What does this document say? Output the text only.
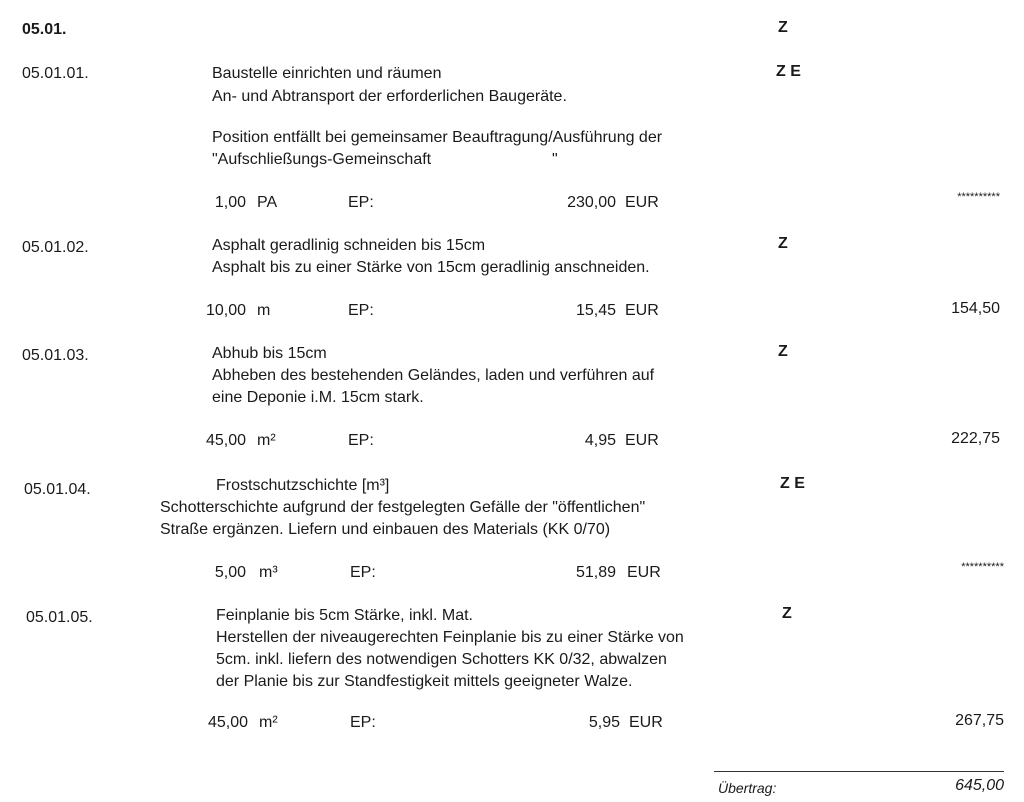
05.01.	Z
05.01.01.	Baustelle einrichten und räumen
An- und Abtransport der erforderlichen Baugeräte.
Position entfällt bei gemeinsamer Beauftragung/Ausführung der
"Aufschließungs-Gemeinschaft	"
Z E
1,00 PA	EP:	230,00 EUR	**********
05.01.02.	Asphalt geradlinig schneiden bis 15cm
Asphalt bis zu einer Stärke von 15cm geradlinig anschneiden.
Z
10,00 m	EP:	15,45 EUR	154,50
05.01.03.	Abhub bis 15cm
Abheben des bestehenden Geländes, laden und verführen auf
eine Deponie i.M. 15cm stark.
Z
45,00 m²	EP:	4,95 EUR	222,75
05.01.04.	Frostschutzschichte [m³]
Schotterschichte aufgrund der festgelegten Gefälle der "öffentlichen"
Straße ergänzen. Liefern und einbauen des Materials (KK 0/70)
Z E
5,00 m³	EP:	51,89 EUR	**********
05.01.05.	Feinplanie bis 5cm Stärke, inkl. Mat.
Herstellen der niveaugerechten Feinplanie bis zu einer Stärke von
5cm. inkl. liefern des notwendigen Schotters KK 0/32, abwalzen
der Planie bis zur Standfestigkeit mittels geeigneter Walze.
Z
45,00 m²	EP:	5,95 EUR	267,75
Übertrag:	645,00
